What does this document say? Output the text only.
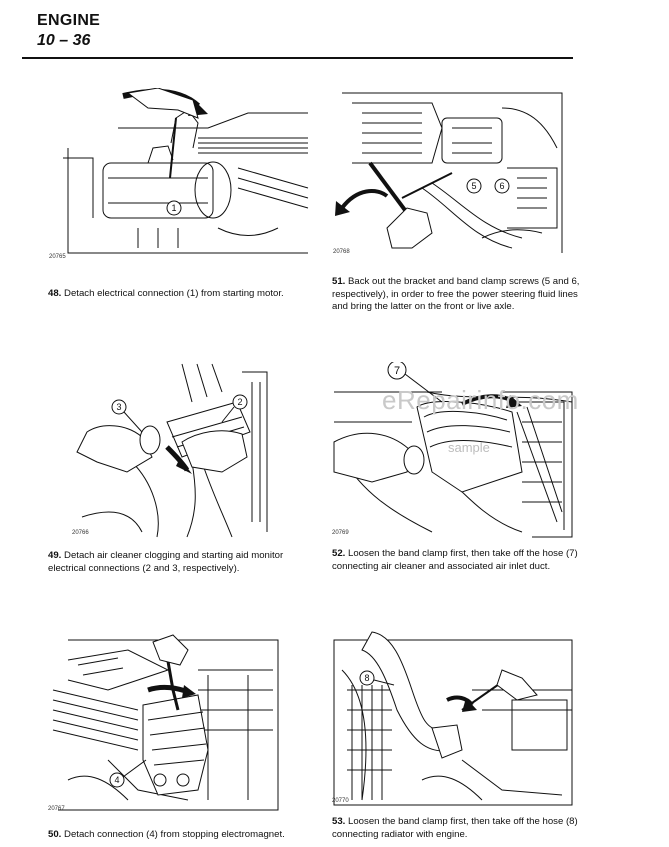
ENGINE
10 – 36
1
20765
5	6
20768
48. Detach electrical connection (1) from starting motor.
51. Back out the bracket and band clamp screws (5 and 6, respectively), in order to free the power steering fluid lines and bring the latter on the front or live axle.
3	2
20766
7
20769
eRepairinfo.com
sample
49. Detach air cleaner clogging and starting aid monitor electrical connections (2 and 3, respectively).
52. Loosen the band clamp first, then take off the hose (7) connecting air cleaner and associated air inlet duct.
4
20767
8
20770
50. Detach connection (4) from stopping electromagnet.
53. Loosen the band clamp first, then take off the hose (8) connecting radiator with engine.
